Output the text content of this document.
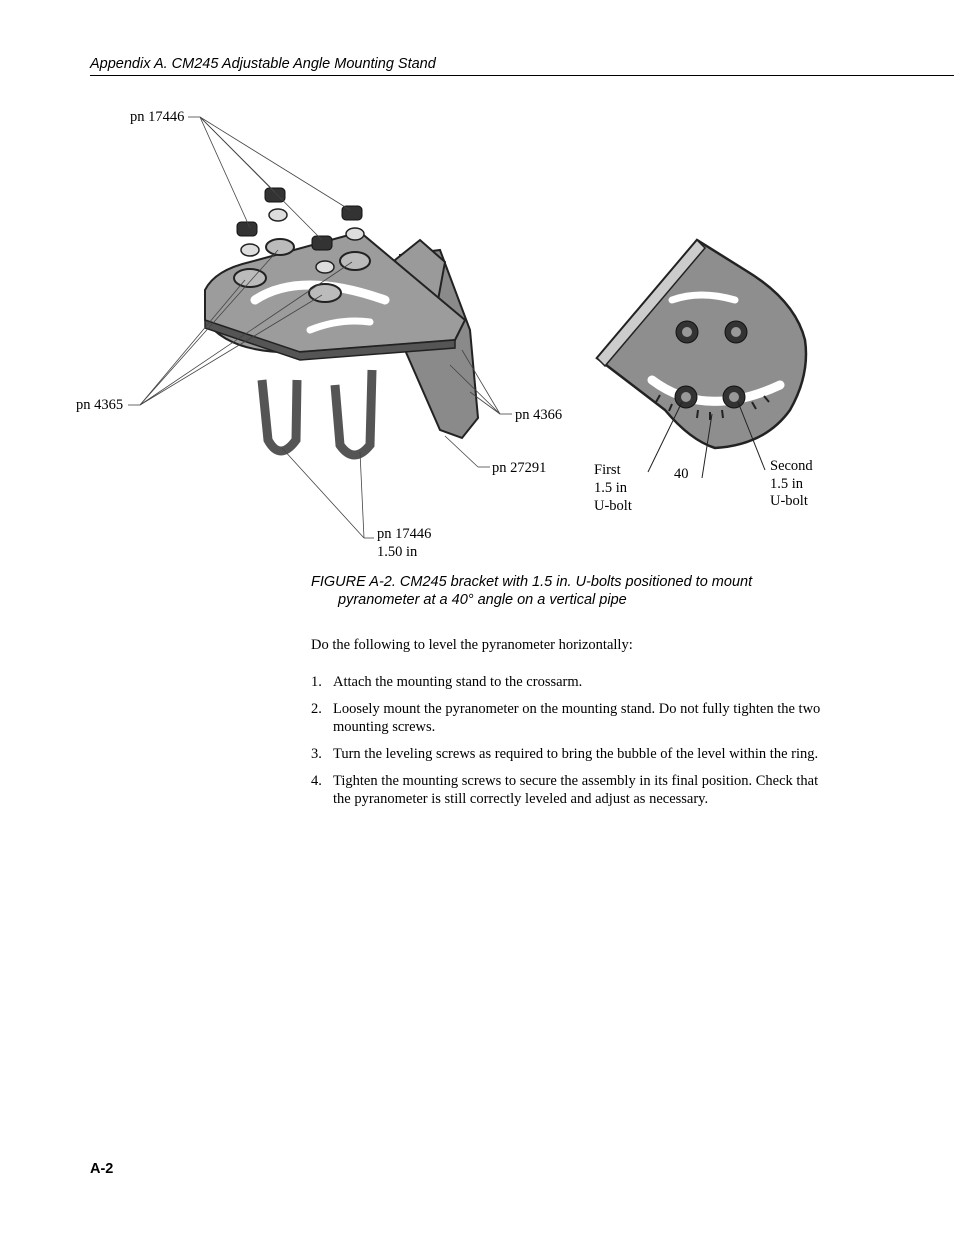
Appendix A. CM245 Adjustable Angle Mounting Stand
pn 17446
pn 4365
pn 4366
pn 27291
pn 17446
1.50 in
First
1.5 in
U-bolt
40	Second
1.5 in
U-bolt
FIGURE A-2. CM245 bracket with 1.5 in. U-bolts positioned to mount
pyranometer at a 40° angle on a vertical pipe
Do the following to level the pyranometer horizontally:
1. Attach the mounting stand to the crossarm.
2. Loosely mount the pyranometer on the mounting stand. Do not fully tighten the two mounting screws.
3. Turn the leveling screws as required to bring the bubble of the level within the ring.
4. Tighten the mounting screws to secure the assembly in its final position. Check that the pyranometer is still correctly leveled and adjust as necessary.
A-2
